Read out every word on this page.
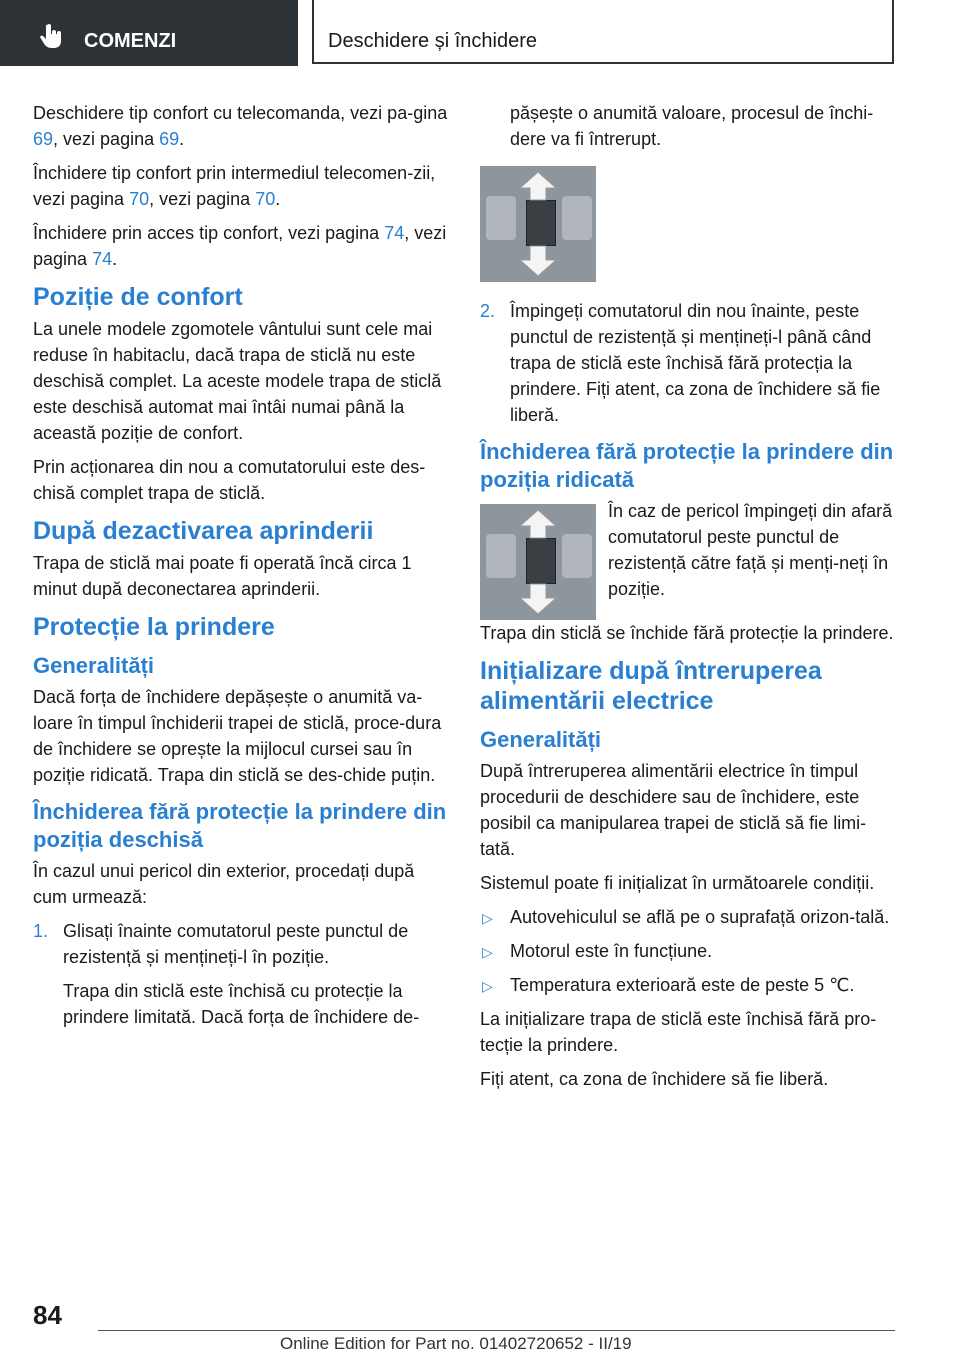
COMENZI	Deschidere și închidere

Deschidere tip confort cu telecomanda, vezi pa-gina 69, vezi pagina 69.

Închidere tip confort prin intermediul telecomen-zii, vezi pagina 70, vezi pagina 70.

Închidere prin acces tip confort, vezi pagina 74, vezi pagina 74.

Poziție de confort

La unele modele zgomotele vântului sunt cele mai reduse în habitaclu, dacă trapa de sticlă nu este deschisă complet. La aceste modele trapa de sticlă este deschisă automat mai întâi numai până la această poziție de confort.

Prin acționarea din nou a comutatorului este des-chisă complet trapa de sticlă.

După dezactivarea aprinderii

Trapa de sticlă mai poate fi operată încă circa 1 minut după deconectarea aprinderii.

Protecție la prindere
Generalități

Dacă forța de închidere depășește o anumită va-loare în timpul închiderii trapei de sticlă, proce-dura de închidere se oprește la mijlocul cursei sau în poziție ridicată. Trapa din sticlă se des-chide puțin.

Închiderea fără protecție la prindere din poziția deschisă

În cazul unui pericol din exterior, procedați după cum urmează:

1. Glisați înainte comutatorul peste punctul de rezistență și mențineți-l în poziție.

Trapa din sticlă este închisă cu protecție la prindere limitată. Dacă forța de închidere de-

pășește o anumită valoare, procesul de închi-dere va fi întrerupt.

2. Împingeți comutatorul din nou înainte, peste punctul de rezistență și mențineți-l până când trapa de sticlă este închisă fără protecția la prindere. Fiți atent, ca zona de închidere să fie liberă.

Închiderea fără protecție la prindere din poziția ridicată

În caz de pericol împingeți din afară comutatorul peste punctul de rezistență către față și menți-neți în poziție.

Trapa din sticlă se închide fără protecție la prindere.

Inițializare după întreruperea alimentării electrice
Generalități

După întreruperea alimentării electrice în timpul procedurii de deschidere sau de închidere, este posibil ca manipularea trapei de sticlă să fie limi-tată.

Sistemul poate fi inițializat în următoarele condiții.

▷ Autovehiculul se află pe o suprafață orizon-tală.
▷ Motorul este în funcțiune.
▷ Temperatura exterioară este de peste 5 ℃.

La inițializare trapa de sticlă este închisă fără pro-tecție la prindere.

Fiți atent, ca zona de închidere să fie liberă.

84
Online Edition for Part no. 01402720652 - II/19
